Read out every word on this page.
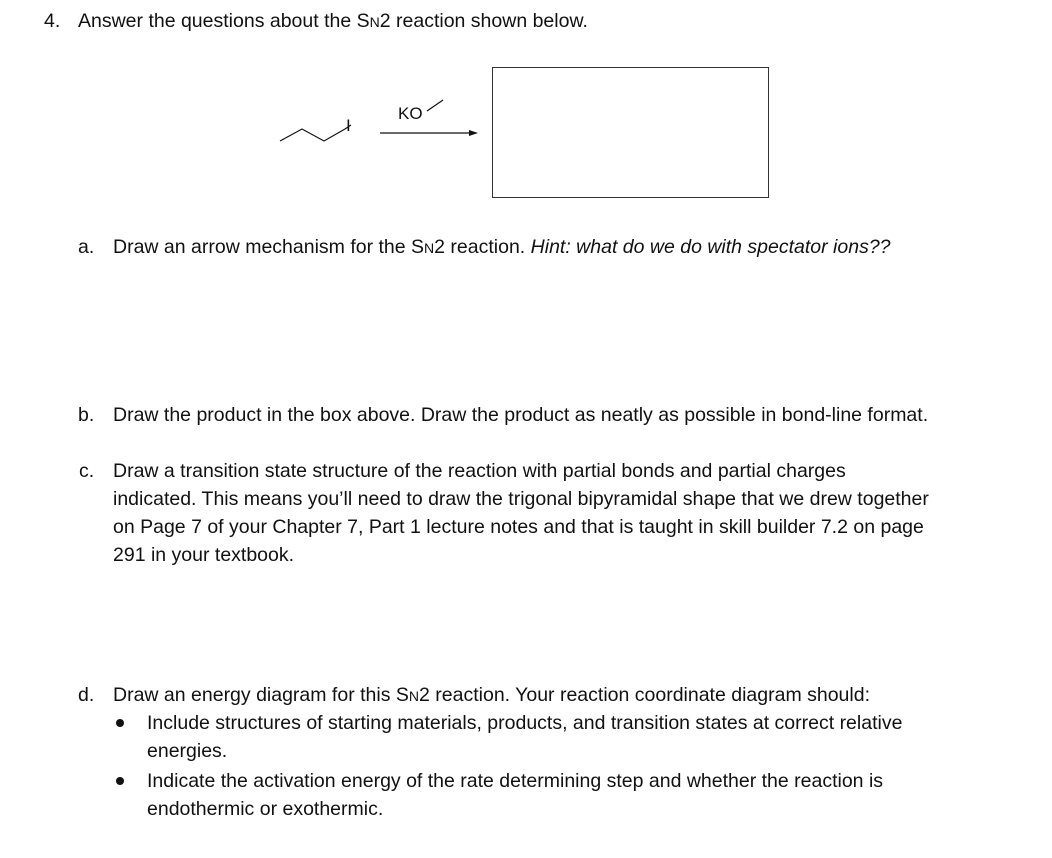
4. Answer the questions about the SN2 reaction shown below.
I
KO
a. Draw an arrow mechanism for the SN2 reaction. Hint: what do we do with spectator ions??
b. Draw the product in the box above. Draw the product as neatly as possible in bond-line format.
c. Draw a transition state structure of the reaction with partial bonds and partial charges
indicated. This means you’ll need to draw the trigonal bipyramidal shape that we drew together
on Page 7 of your Chapter 7, Part 1 lecture notes and that is taught in skill builder 7.2 on page
291 in your textbook.
d. Draw an energy diagram for this SN2 reaction. Your reaction coordinate diagram should:
Include structures of starting materials, products, and transition states at correct relative
energies.
Indicate the activation energy of the rate determining step and whether the reaction is
endothermic or exothermic.
